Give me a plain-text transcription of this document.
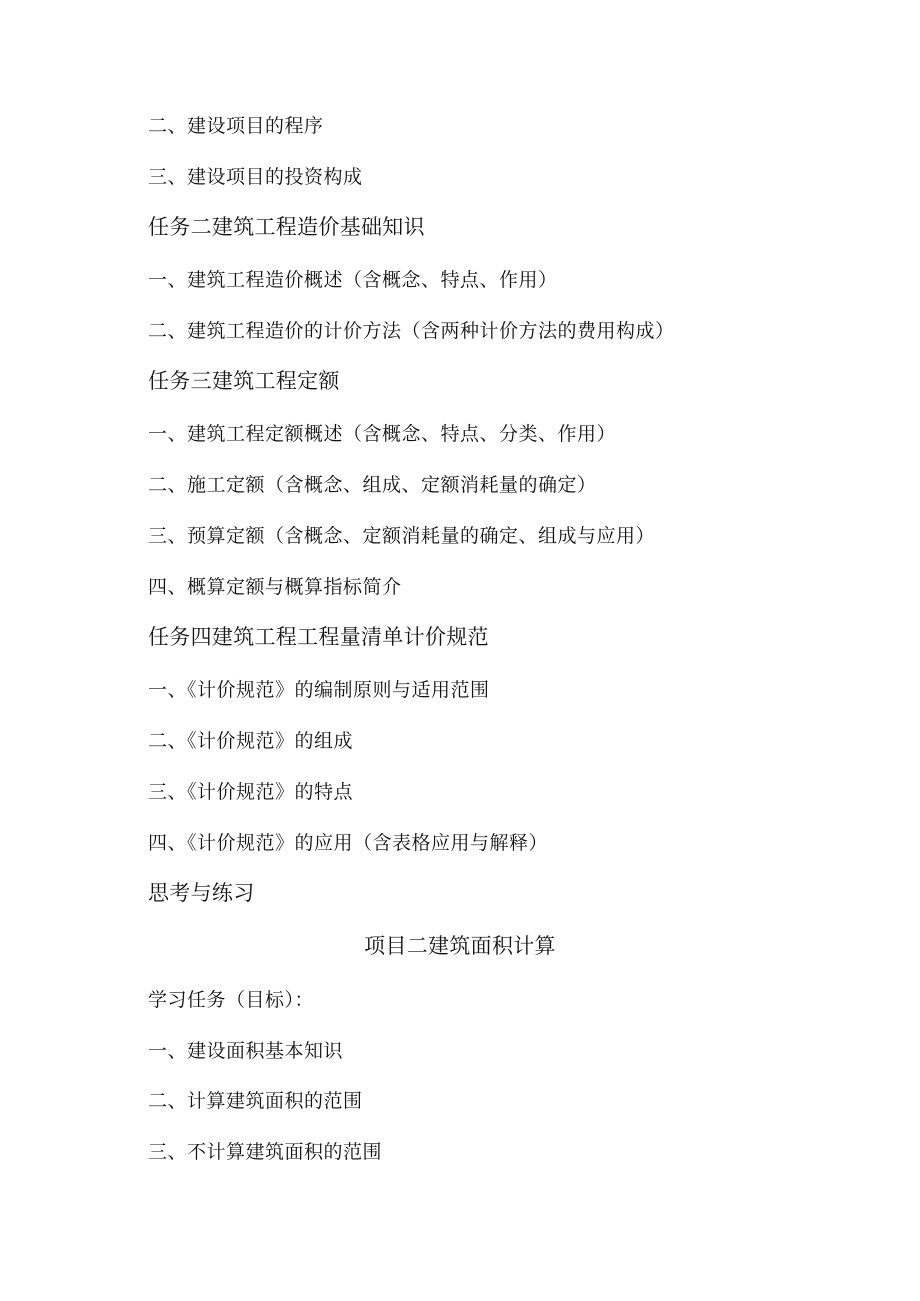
二、建设项目的程序
三、建设项目的投资构成
任务二建筑工程造价基础知识
一、建筑工程造价概述（含概念、特点、作用）
二、建筑工程造价的计价方法（含两种计价方法的费用构成）
任务三建筑工程定额
一、建筑工程定额概述（含概念、特点、分类、作用）
二、施工定额（含概念、组成、定额消耗量的确定）
三、预算定额（含概念、定额消耗量的确定、组成与应用）
四、概算定额与概算指标简介
任务四建筑工程工程量清单计价规范
一、《计价规范》的编制原则与适用范围
二、《计价规范》的组成
三、《计价规范》的特点
四、《计价规范》的应用（含表格应用与解释）
思考与练习
项目二建筑面积计算
学习任务（目标）：
一、建设面积基本知识
二、计算建筑面积的范围
三、不计算建筑面积的范围
